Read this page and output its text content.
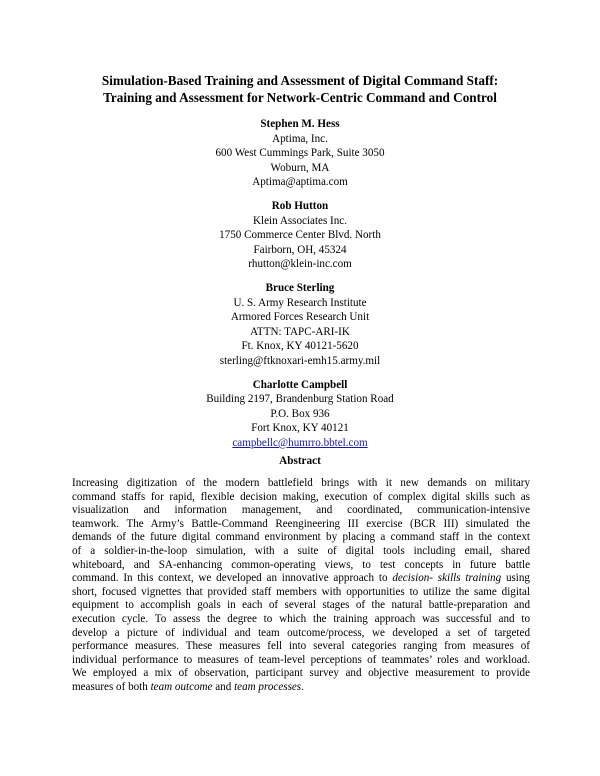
Simulation-Based Training and Assessment of Digital Command Staff:
Training and Assessment for Network-Centric Command and Control
Stephen M. Hess
Aptima, Inc.
600 West Cummings Park, Suite 3050
Woburn, MA
Aptima@aptima.com
Rob Hutton
Klein Associates Inc.
1750 Commerce Center Blvd. North
Fairborn, OH, 45324
rhutton@klein-inc.com
Bruce Sterling
U. S. Army Research Institute
Armored Forces Research Unit
ATTN: TAPC-ARI-IK
Ft. Knox, KY 40121-5620
sterling@ftknoxari-emh15.army.mil
Charlotte Campbell
Building 2197, Brandenburg Station Road
P.O. Box 936
Fort Knox, KY 40121
campbellc@humrro.bbtel.com
Abstract
Increasing digitization of the modern battlefield brings with it new demands on military
command staffs for rapid, flexible decision making, execution of complex digital skills such as
visualization and information management, and coordinated, communication-intensive
teamwork. The Army’s Battle-Command Reengineering III exercise (BCR III) simulated the
demands of the future digital command environment by placing a command staff in the context
of a soldier-in-the-loop simulation, with a suite of digital tools including email, shared
whiteboard, and SA-enhancing common-operating views, to test concepts in future battle
command. In this context, we developed an innovative approach to decision- skills training using
short, focused vignettes that provided staff members with opportunities to utilize the same digital
equipment to accomplish goals in each of several stages of the natural battle-preparation and
execution cycle. To assess the degree to which the training approach was successful and to
develop a picture of individual and team outcome/process, we developed a set of targeted
performance measures. These measures fell into several categories ranging from measures of
individual performance to measures of team-level perceptions of teammates’ roles and workload.
We employed a mix of observation, participant survey and objective measurement to provide
measures of both team outcome and team processes.
